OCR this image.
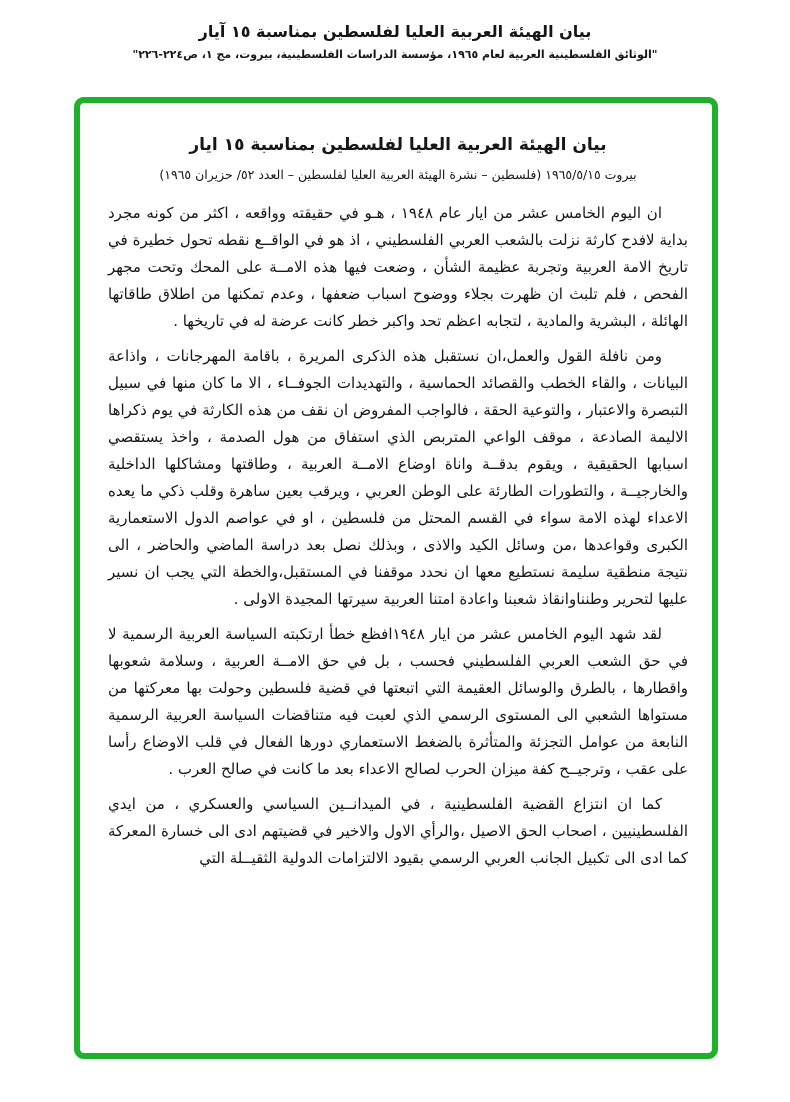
بيان الهيئة العربية العليا لفلسطين بمناسبة ١٥ آيار
"الوثائق الفلسطينية العربية لعام ١٩٦٥، مؤسسة الدراسات الفلسطينية، بيروت، مج ١، ص٢٢٤-٢٢٦"
بيان الهيئة العربية العليا لفلسطين بمناسبة ١٥ ايار
بيروت ١٩٦٥/٥/١٥ (فلسطين – نشرة الهيئة العربية العليا لفلسطين – العدد ٥٢/ حزيران ١٩٦٥)

ان اليوم الخامس عشر من ايار عام ١٩٤٨ ، هـو في حقيقته وواقعه ، اكثر من كونه مجرد بداية لافدح كارثة نزلت بالشعب العربي الفلسطيني ، اذ هو في الواقــع نقطه تحول خطيرة في تاريخ الامة العربية وتجربة عظيمة الشأن ، وضعت فيها هذه الامــة على المحك وتحت مجهر الفحص ، فلم تلبث ان ظهرت بجلاء ووضوح اسباب ضعفها ، وعدم تمكنها من اطلاق طاقاتها الهائلة ، البشرية والمادية ، لتجابه اعظم تحد واكبر خطر كانت عرضة له في تاريخها .

ومن نافلة القول والعمل،ان نستقبل هذه الذكرى المريرة ، باقامة المهرجانات ، واذاعة البيانات ، والقاء الخطب والقصائد الحماسية ، والتهديدات الجوفــاء ، الا ما كان منها في سبيل التبصرة والاعتبار ، والتوعية الحقة ، فالواجب المفروض ان نقف من هذه الكارثة في يوم ذكراها الاليمة الصادعة ، موقف الواعي المتربص الذي استفاق من هول الصدمة ، واخذ يستقصي اسبابها الحقيقية ، ويقوم بدقــة واناة اوضاع الامــة العربية ، وطاقتها ومشاكلها الداخلية والخارجيــة ، والتطورات الطارئة على الوطن العربي ، ويرقب بعين ساهرة وقلب ذكي ما يعده الاعداء لهذه الامة سواء في القسم المحتل من فلسطين ، او في عواصم الدول الاستعمارية الكبرى وقواعدها ،من وسائل الكيد والاذى ، وبذلك نصل بعد دراسة الماضي والحاضر ، الى نتيجة منطقية سليمة نستطيع معها ان نحدد موقفنا في المستقبل،والخطة التي يجب ان نسير عليها لتحرير وطنناوانقاذ شعبنا واعادة امتنا العربية سيرتها المجيدة الاولى .

لقد شهد اليوم الخامس عشر من ايار ١٩٤٨افظع خطأ ارتكبته السياسة العربية الرسمية لا في حق الشعب العربي الفلسطيني فحسب ، بل في حق الامــة العربية ، وسلامة شعوبها واقطارها ، بالطرق والوسائل العقيمة التي اتبعتها في قضية فلسطين وحولت بها معركتها من مستواها الشعبي الى المستوى الرسمي الذي لعبت فيه متناقضات السياسة العربية الرسمية النابعة من عوامل التجزئة والمتأثرة بالضغط الاستعماري دورها الفعال في قلب الاوضاع رأسا على عقب ، وترجيــح كفة ميزان الحرب لصالح الاعداء بعد ما كانت في صالح العرب .

كما ان انتزاع القضية الفلسطينية ، في الميدانــين السياسي والعسكري ، من ايدي الفلسطينيين ، اصحاب الحق الاصيل ،والرأي الاول والاخير في قضيتهم ادى الى خسارة المعركة كما ادى الى تكبيل الجانب العربي الرسمي بقيود الالتزامات الدولية الثقيــلة التي
